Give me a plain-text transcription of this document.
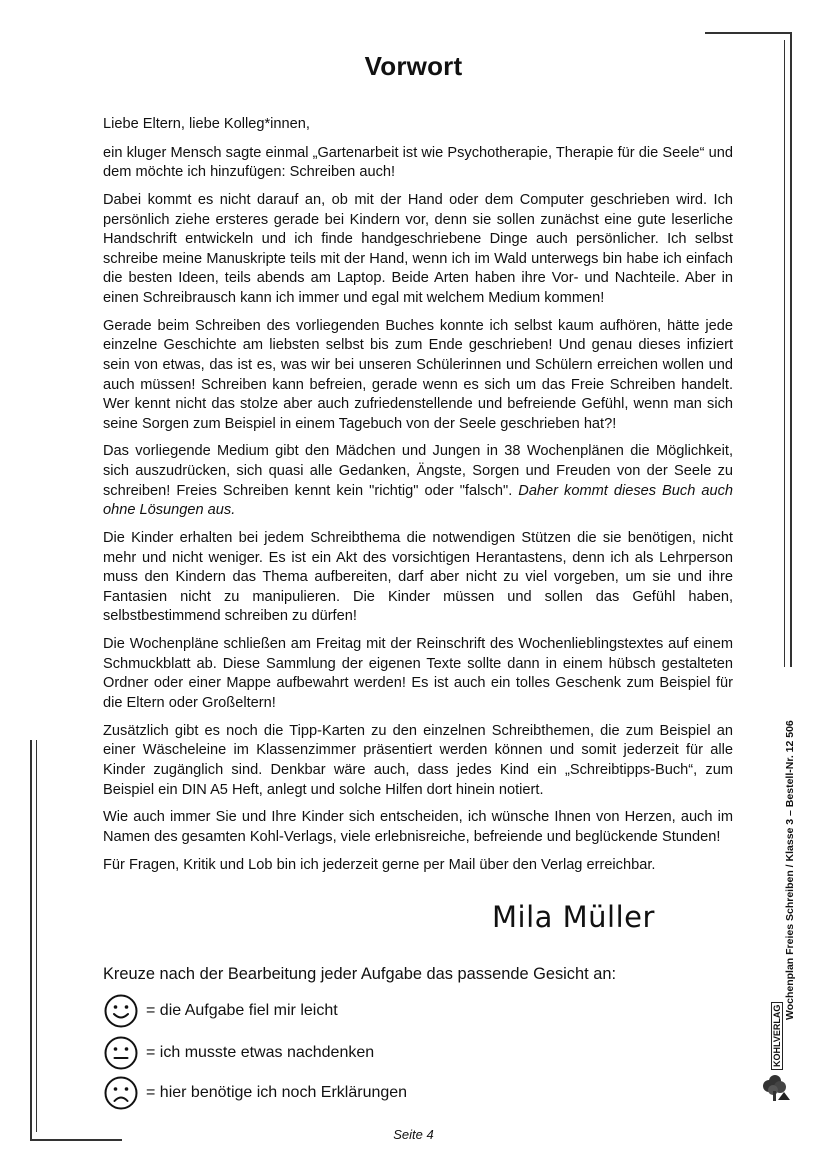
Vorwort

Liebe Eltern, liebe Kolleg*innen,

ein kluger Mensch sagte einmal „Gartenarbeit ist wie Psychotherapie, Therapie für die Seele“ und dem möchte ich hinzufügen: Schreiben auch!

Dabei kommt es nicht darauf an, ob mit der Hand oder dem Computer geschrieben wird. Ich persönlich ziehe ersteres gerade bei Kindern vor, denn sie sollen zunächst eine gute leserliche Handschrift entwickeln und ich finde handgeschriebene Dinge auch persönlicher. Ich selbst schreibe meine Manuskripte teils mit der Hand, wenn ich im Wald unterwegs bin habe ich einfach die besten Ideen, teils abends am Laptop. Beide Arten haben ihre Vor- und Nachteile. Aber in einen Schreibrausch kann ich immer und egal mit welchem Medium kommen!

Gerade beim Schreiben des vorliegenden Buches konnte ich selbst kaum aufhören, hätte jede einzelne Geschichte am liebsten selbst bis zum Ende geschrieben! Und genau dieses infiziert sein von etwas, das ist es, was wir bei unseren Schülerinnen und Schülern erreichen wollen und auch müssen! Schreiben kann befreien, gerade wenn es sich um das Freie Schreiben handelt. Wer kennt nicht das stolze aber auch zufriedenstellende und befreiende Gefühl, wenn man sich seine Sorgen zum Beispiel in einem Tagebuch von der Seele geschrieben hat?!

Das vorliegende Medium gibt den Mädchen und Jungen in 38 Wochenplänen die Möglichkeit, sich auszudrücken, sich quasi alle Gedanken, Ängste, Sorgen und Freuden von der Seele zu schreiben! Freies Schreiben kennt kein "richtig" oder "falsch". Daher kommt dieses Buch auch ohne Lösungen aus.

Die Kinder erhalten bei jedem Schreibthema die notwendigen Stützen die sie benötigen, nicht mehr und nicht weniger. Es ist ein Akt des vorsichtigen Herantastens, denn ich als Lehrperson muss den Kindern das Thema aufbereiten, darf aber nicht zu viel vorgeben, um sie und ihre Fantasien nicht zu manipulieren. Die Kinder müssen und sollen das Gefühl haben, selbstbestimmend schreiben zu dürfen!

Die Wochenpläne schließen am Freitag mit der Reinschrift des Wochenlieblingstextes auf einem Schmuckblatt ab. Diese Sammlung der eigenen Texte sollte dann in einem hübsch gestalteten Ordner oder einer Mappe aufbewahrt werden! Es ist auch ein tolles Geschenk zum Beispiel für die Eltern oder Großeltern!

Zusätzlich gibt es noch die Tipp-Karten zu den einzelnen Schreibthemen, die zum Beispiel an einer Wäscheleine im Klassenzimmer präsentiert werden können und somit jederzeit für alle Kinder zugänglich sind. Denkbar wäre auch, dass jedes Kind ein „Schreibtipps-Buch“, zum Beispiel ein DIN A5 Heft, anlegt und solche Hilfen dort hinein notiert.

Wie auch immer Sie und Ihre Kinder sich entscheiden, ich wünsche Ihnen von Herzen, auch im Namen des gesamten Kohl-Verlags, viele erlebnisreiche, befreiende und beglückende Stunden!

Für Fragen, Kritik und Lob bin ich jederzeit gerne per Mail über den Verlag erreichbar.

Mila Müller
Kreuze nach der Bearbeitung jeder Aufgabe das passende Gesicht an:
= die Aufgabe fiel mir leicht
= ich musste etwas nachdenken
= hier benötige ich noch Erklärungen
Wochenplan Freies Schreiben / Klasse 3 – Bestell-Nr. 12 506
KOHLVERLAG
Seite 4
